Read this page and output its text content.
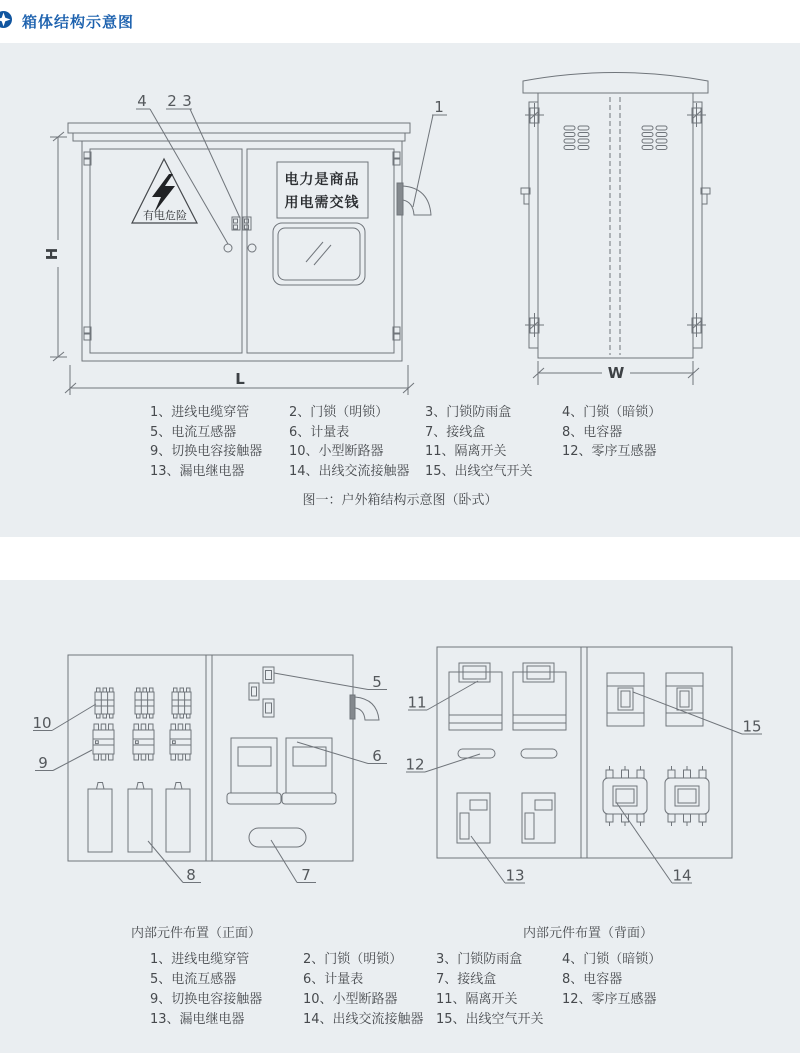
箱体结构示意图
有电危险
电力是商品
用电需交钱
4 2 3	1
H
L	W
1、进线电缆穿管	2、门锁（明锁）	3、门锁防雨盒	4、门锁（暗锁）
5、电流互感器	6、计量表	7、接线盒	8、电容器
9、切换电容接触器	10、小型断路器	11、隔离开关	12、零序互感器
13、漏电继电器	14、出线交流接触器	15、出线空气开关
图一：户外箱结构示意图（卧式）
10
9
8
5
6
7
11
12
13	14
15
内部元件布置（正面）	内部元件布置（背面）
1、进线电缆穿管	2、门锁（明锁）	3、门锁防雨盒	4、门锁（暗锁）
5、电流互感器	6、计量表	7、接线盒	8、电容器
9、切换电容接触器	10、小型断路器	11、隔离开关	12、零序互感器
13、漏电继电器	14、出线交流接触器 15、出线空气开关
